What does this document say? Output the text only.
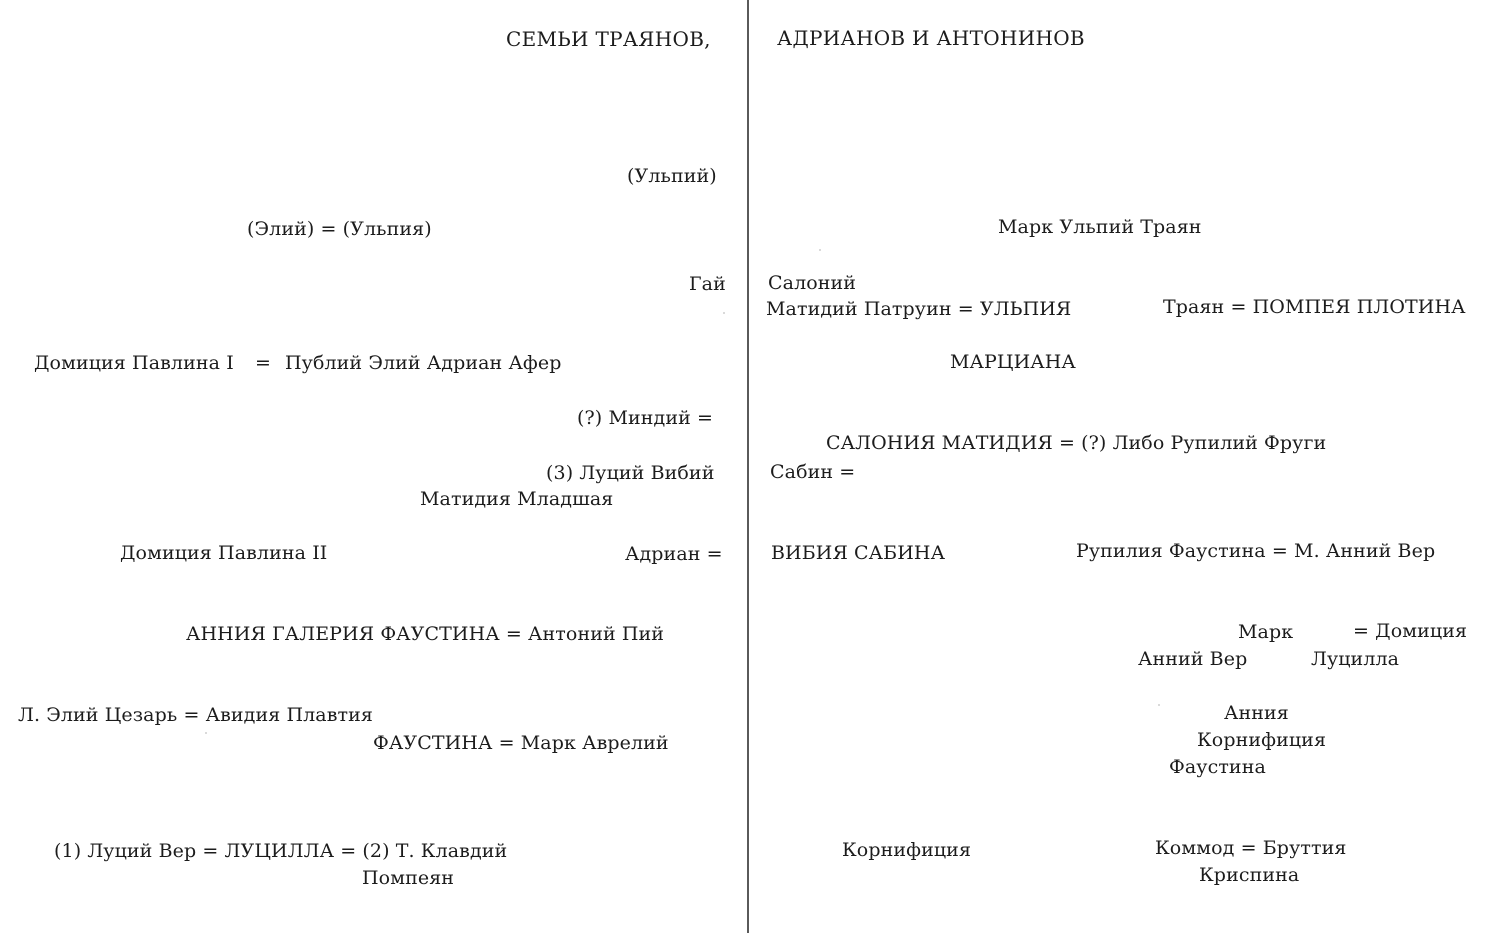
СЕМЬИ ТРАЯНОВ,	АДРИАНОВ И АНТОНИНОВ
(Ульпий)
(Элий) = (Ульпия)	Марк Ульпий Траян
Гай Салоний
Матидий Патруин = УЛЬПИЯ	Траян = ПОМПЕЯ ПЛОТИНА
Домиция Павлина I = Публий Элий Адриан Афер	МАРЦИАНА
(?) Миндий =
САЛОНИЯ МАТИДИЯ = (?) Либо Рупилий Фруги
(3) Луций Вибий	Сабин =
Матидия Младшая
Домиция Павлина II	Адриан =	ВИБИЯ САБИНА	Рупилия Фаустина = М. Анний Вер
АННИЯ ГАЛЕРИЯ ФАУСТИНА = Антоний Пий	Марк	= Домиция
Анний Вер	Луцилла
Л. Элий Цезарь = Авидия Плавтия	Анния
ФАУСТИНА = Марк Аврелий	Корнифиция
Фаустина
(1) Луций Вер = ЛУЦИЛЛА = (2) Т. Клавдий	Корнифиция	Коммод = Бруттия
Помпеян	Криспина
